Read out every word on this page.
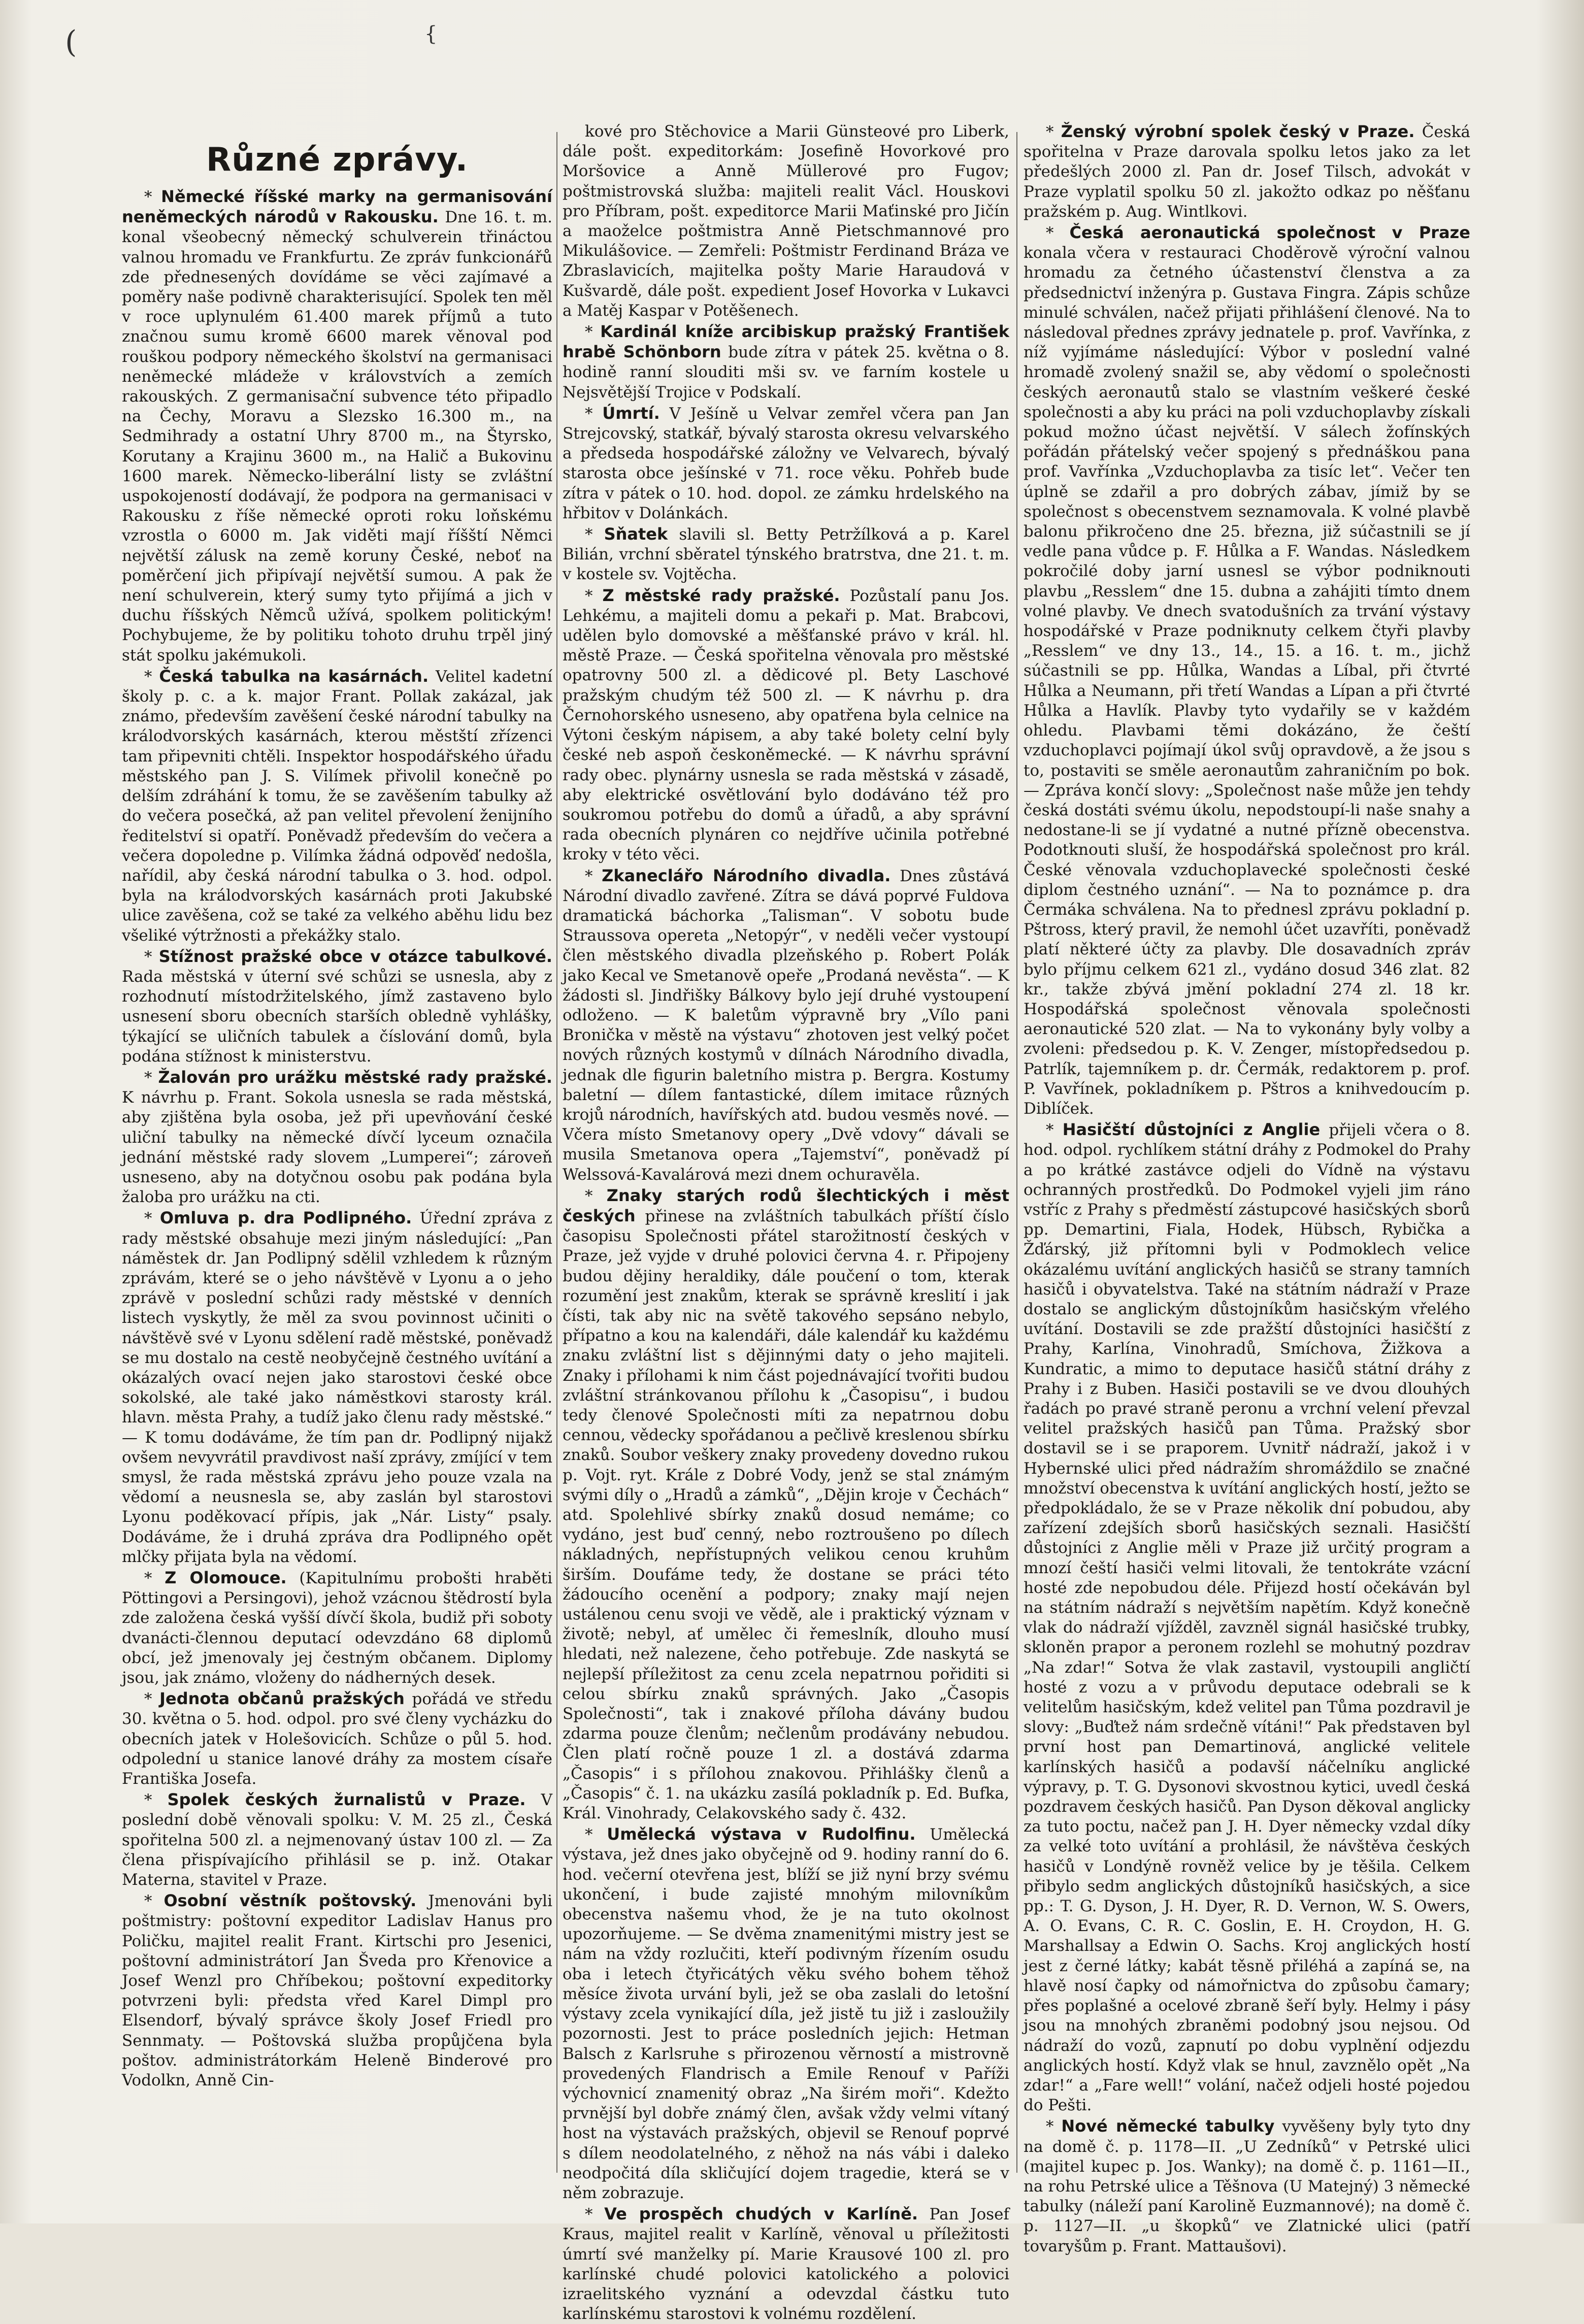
(	{
Různé zprávy.

* Německé říšské marky na germanisování neněmeckých národů v Rakousku. Dne 16. t. m. konal všeobecný německý schulverein třináctou valnou hromadu ve Frankfurtu. Ze zpráv funkcionářů zde přednesených dovídáme se věci zajímavé a poměry naše podivně charakterisující. Spolek ten měl v roce uplynulém 61.400 marek příjmů a tuto značnou sumu kromě 6600 marek věnoval pod rouškou podpory německého školství na germanisaci neněmecké mládeže v královstvích a zemích rakouských. Z germanisační subvence této připadlo na Čechy, Moravu a Slezsko 16.300 m., na Sedmihrady a ostatní Uhry 8700 m., na Štyrsko, Korutany a Krajinu 3600 m., na Halič a Bukovinu 1600 marek. Německo-liberální listy se zvláštní uspokojeností dodávají, že podpora na germanisaci v Rakousku z říše německé oproti roku loňskému vzrostla o 6000 m. Jak viděti mají říšští Němci největší zálusk na země koruny České, neboť na poměrčení jich připívají největší sumou. A pak že není schulverein, který sumy tyto přijímá a jich v duchu říšských Němců užívá, spolkem politickým! Pochybujeme, že by politiku tohoto druhu trpěl jiný stát spolku jakémukoli.

* Česká tabulka na kasárnách. Velitel kadetní školy p. c. a k. major Frant. Pollak zakázal, jak známo, především zavěšení české národní tabulky na králodvorských kasárnách, kterou městští zřízenci tam připevniti chtěli. Inspektor hospodářského úřadu městského pan J. S. Vilímek přivolil konečně po delším zdráhání k tomu, že se zavěšením tabulky až do večera posečká, až pan velitel převolení ženijního ředitelství si opatří. Poněvadž především do večera a večera dopoledne p. Vilímka žádná odpověď nedošla, nařídil, aby česká národní tabulka o 3. hod. odpol. byla na králodvorských kasárnách proti Jakubské ulice zavěšena, což se také za velkého aběhu lidu bez všeliké výtržnosti a překážky stalo.

* Stížnost pražské obce v otázce tabulkové. Rada městská v úterní své schůzi se usnesla, aby z rozhodnutí místodržitelského, jímž zastaveno bylo usnesení sboru obecních starších obledně vyhlášky, týkající se uličních tabulek a číslování domů, byla podána stížnost k ministerstvu.

* Žalován pro urážku městské rady pražské. K návrhu p. Frant. Sokola usnesla se rada městská, aby zjištěna byla osoba, jež při upevňování české uliční tabulky na německé dívčí lyceum označila jednání městské rady slovem „Lumperei“; zároveň usneseno, aby na dotyčnou osobu pak podána byla žaloba pro urážku na cti.

* Omluva p. dra Podlipného. Úřední zpráva z rady městské obsahuje mezi jiným následující: „Pan náměstek dr. Jan Podlipný sdělil vzhledem k různým zprávám, které se o jeho návštěvě v Lyonu a o jeho zprávě v poslední schůzi rady městské v denních listech vyskytly, že měl za svou povinnost učiniti o návštěvě své v Lyonu sdělení radě městské, poněvadž se mu dostalo na cestě neobyčejně čestného uvítání a okázalých ovací nejen jako starostovi české obce sokolské, ale také jako náměstkovi starosty král. hlavn. města Prahy, a tudíž jako členu rady městské.“ — K tomu dodáváme, že tím pan dr. Podlipný nijakž ovšem nevyvrátil pravdivost naší zprávy, zmíjící v tem smysl, že rada městská zprávu jeho pouze vzala na vědomí a neusnesla se, aby zaslán byl starostovi Lyonu poděkovací přípis, jak „Nár. Listy“ psaly. Dodáváme, že i druhá zpráva dra Podlipného opět mlčky přijata byla na vědomí.

* Z Olomouce. (Kapitulnímu probošti hraběti Pöttingovi a Persingovi), jehož vzácnou štědrostí byla zde založena česká vyšší dívčí škola, budiž při soboty dvanácti-člennou deputací odevzdáno 68 diplomů obcí, jež jmenovaly jej čestným občanem. Diplomy jsou, jak známo, vloženy do nádherných desek.

* Jednota občanů pražských pořádá ve středu 30. května o 5. hod. odpol. pro své členy vycházku do obecních jatek v Holešovicích. Schůze o půl 5. hod. odpolední u stanice lanové dráhy za mostem císaře Františka Josefa.

* Spolek českých žurnalistů v Praze. V poslední době věnovali spolku: V. M. 25 zl., Česká spořitelna 500 zl. a nejmenovaný ústav 100 zl. — Za člena přispívajícího přihlásil se p. inž. Otakar Materna, stavitel v Praze.

* Osobní věstník poštovský. Jmenováni byli poštmistry: poštovní expeditor Ladislav Hanus pro Poličku, majitel realit Frant. Kirtschi pro Jesenici, poštovní administrátorí Jan Šveda pro Křenovice a Josef Wenzl pro Chříbekou; poštovní expeditorky potvrzeni byli: předsta vřed Karel Dimpl pro Elsendorf, bývalý správce školy Josef Friedl pro Sennmaty. — Poštovská služba propůjčena byla poštov. administrátorkám Heleně Binderové pro Vodolkn, Anně Cin-

kové pro Stěchovice a Marii Günsteové pro Liberk, dále pošt. expeditorkám: Josefině Hovorkové pro Moršovice a Anně Müllerové pro Fugov; poštmistrovská služba: majiteli realit Václ. Houskovi pro Příbram, pošt. expeditorce Marii Maťinské pro Jičín a maoželce poštmistra Anně Pietschmannové pro Mikulášovice. — Zemřeli: Poštmistr Ferdinand Bráza ve Zbraslavicích, majitelka pošty Marie Haraudová v Kušvardě, dále pošt. expedient Josef Hovorka v Lukavci a Matěj Kaspar v Potěšenech.

* Kardinál kníže arcibiskup pražský František hrabě Schönborn bude zítra v pátek 25. května o 8. hodině ranní slouditi mši sv. ve farním kostele u Nejsvětější Trojice v Podskalí.

* Úmrtí. V Ješíně u Velvar zemřel včera pan Jan Strejcovský, statkář, bývalý starosta okresu velvarského a předseda hospodářské záložny ve Velvarech, bývalý starosta obce ješínské v 71. roce věku. Pohřeb bude zítra v pátek o 10. hod. dopol. ze zámku hrdelského na hřbitov v Dolánkách.

* Sňatek slavili sl. Betty Petržílková a p. Karel Bilián, vrchní sběratel týnského bratrstva, dne 21. t. m. v kostele sv. Vojtěcha.

* Z městské rady pražské. Pozůstalí panu Jos. Lehkému, a majiteli domu a pekaři p. Mat. Brabcovi, udělen bylo domovské a měšťanské právo v král. hl. městě Praze. — Česká spořitelna věnovala pro městské opatrovny 500 zl. a dědicové pl. Bety Laschové pražským chudým též 500 zl. — K návrhu p. dra Černohorského usneseno, aby opatřena byla celnice na Výtoni českým nápisem, a aby také bolety celní byly české neb aspoň českoněmecké. — K návrhu správní rady obec. plynárny usnesla se rada městská v zásadě, aby elektrické osvětlování bylo dodáváno též pro soukromou potřebu do domů a úřadů, a aby správní rada obecních plynáren co nejdříve učinila potřebné kroky v této věci.

* Zkaneclářo Národního divadla. Dnes zůstává Národní divadlo zavřené. Zítra se dává poprvé Fuldova dramatická báchorka „Talisman“. V sobotu bude Straussova opereta „Netopýr“, v neděli večer vystoupí člen městského divadla plzeňského p. Robert Polák jako Kecal ve Smetanově opeře „Prodaná nevěsta“. — K žádosti sl. Jindřišky Bálkovy bylo její druhé vystoupení odloženo. — K baletům výpravně bry „Vílo pani Bronička v městě na výstavu“ zhotoven jest velký počet nových různých kostymů v dílnách Národního divadla, jednak dle figurin baletního mistra p. Bergra. Kostumy baletní — dílem fantastické, dílem imitace různých krojů národních, havířských atd. budou vesměs nové. — Včera místo Smetanovy opery „Dvě vdovy“ dávali se musila Smetanova opera „Tajemství“, poněvadž pí Welssová-Kavalárová mezi dnem ochuravěla.

* Znaky starých rodů šlechtických i měst českých přinese na zvláštních tabulkách příští číslo časopisu Společnosti přátel starožitností českých v Praze, jež vyjde v druhé polovici června 4. r. Připojeny budou dějiny heraldiky, dále poučení o tom, kterak rozumění jest znakům, kterak se správně kreslití i jak čísti, tak aby nic na světě takového sepsáno nebylo, přípatno a kou na kalendáři, dále kalendář ku každému znaku zvláštní list s dějinnými daty o jeho majiteli. Znaky i přílohami k nim část pojednávající tvořiti budou zvláštní stránkovanou přílohu k „Časopisu“, i budou tedy členové Společnosti míti za nepatrnou dobu cennou, vědecky spořádanou a pečlivě kreslenou sbírku znaků. Soubor veškery znaky provedeny dovedno rukou p. Vojt. ryt. Krále z Dobré Vody, jenž se stal známým svými díly o „Hradů a zámků“, „Dějin kroje v Čechách“ atd. Spolehlivé sbírky znaků dosud nemáme; co vydáno, jest buď cenný, nebo roztroušeno po dílech nákladných, nepřístupných velikou cenou kruhům širším. Doufáme tedy, že dostane se práci této žádoucího ocenění a podpory; znaky mají nejen ustálenou cenu svoji ve vědě, ale i praktický význam v životě; nebyl, ať umělec či řemeslník, dlouho musí hledati, než nalezene, čeho potřebuje. Zde naskytá se nejlepší příležitost za cenu zcela nepatrnou pořiditi si celou sbírku znaků správných. Jako „Časopis Společnosti“, tak i znakové příloha dávány budou zdarma pouze členům; nečlenům prodávány nebudou. Člen platí ročně pouze 1 zl. a dostává zdarma „Časopis“ i s přílohou znakovou. Přihlášky členů a „Časopis“ č. 1. na ukázku zasílá pokladník p. Ed. Bufka, Král. Vinohrady, Celakovského sady č. 432.

* Umělecká výstava v Rudolfinu. Umělecká výstava, jež dnes jako obyčejně od 9. hodiny ranní do 6. hod. večerní otevřena jest, blíží se již nyní brzy svému ukončení, i bude zajisté mnohým milovníkům obecenstva našemu vhod, že je na tuto okolnost upozorňujeme. — Se dvěma znamenitými mistry jest se nám na vždy rozlučiti, kteří podivným řízením osudu oba i letech čtyřicátých věku svého bohem těhož měsíce života urvání byli, jež se oba zaslali do letošní výstavy zcela vynikající díla, jež jistě tu již i zasloužily pozornosti. Jest to práce posledních jejich: Hetman Balsch z Karlsruhe s přirozenou věrností a mistrovně provedených Flandrisch a Emile Renouf v Paříži výchovnicí znamenitý obraz „Na širém moři“. Kdežto prvnější byl dobře známý člen, avšak vždy velmi vítaný host na výstavách pražských, objevil se Renouf poprvé s dílem neodolatelného, z něhož na nás vábi i daleko neodpočitá díla skličující dojem tragedie, která se v něm zobrazuje.

* Ve prospěch chudých v Karlíně. Pan Josef Kraus, majitel realit v Karlíně, věnoval u příležitosti úmrtí své manželky pí. Marie Krausové 100 zl. pro karlínské chudé polovici katolického a polovici izraelitského vyznání a odevzdal částku tuto karlínskému starostovi k volnému rozdělení.

* Ženský výrobní spolek český v Praze. Česká spořitelna v Praze darovala spolku letos jako za let předešlých 2000 zl. Pan dr. Josef Tilsch, advokát v Praze vyplatil spolku 50 zl. jakožto odkaz po něšťanu pražském p. Aug. Wintlkovi.

* Česká aeronautická společnost v Praze konala včera v restauraci Choděrově výroční valnou hromadu za četného účastenství členstva a za předsednictví inženýra p. Gustava Fingra. Zápis schůze minulé schválen, načež přijati přihlášení členové. Na to následoval přednes zprávy jednatele p. prof. Vavřínka, z níž vyjímáme následující: Výbor v poslední valné hromadě zvolený snažil se, aby vědomí o společnosti českých aeronautů stalo se vlastním veškeré české společnosti a aby ku práci na poli vzduchoplavby získali pokud možno účast největší. V sálech žofínských pořádán přátelský večer spojený s přednáškou pana prof. Vavřínka „Vzduchoplavba za tisíc let“. Večer ten úplně se zdařil a pro dobrých zábav, jímiž by se společnost s obecenstvem seznamovala. K volné plavbě balonu přikročeno dne 25. března, již súčastnili se jí vedle pana vůdce p. F. Hůlka a F. Wandas. Následkem pokročilé doby jarní usnesl se výbor podniknouti plavbu „Resslem“ dne 15. dubna a zahájiti tímto dnem volné plavby. Ve dnech svatodušních za trvání výstavy hospodářské v Praze podniknuty celkem čtyři plavby „Resslem“ ve dny 13., 14., 15. a 16. t. m., jichž súčastnili se pp. Hůlka, Wandas a Líbal, při čtvrté Hůlka a Neumann, při třetí Wandas a Lípan a při čtvrté Hůlka a Havlík. Plavby tyto vydařily se v každém ohledu. Plavbami těmi dokázáno, že čeští vzduchoplavci pojímají úkol svůj opravdově, a že jsou s to, postaviti se směle aeronautům zahraničním po bok. — Zpráva končí slovy: „Společnost naše může jen tehdy česká dostáti svému úkolu, nepodstoupí-li naše snahy a nedostane-li se jí vydatné a nutné přízně obecenstva. Podotknouti sluší, že hospodářská společnost pro král. České věnovala vzduchoplavecké společnosti české diplom čestného uznání“. — Na to poznámce p. dra Čermáka schválena. Na to přednesl zprávu pokladní p. Pštross, který pravil, že nemohl účet uzavříti, poněvadž platí některé účty za plavby. Dle dosavadních zpráv bylo příjmu celkem 621 zl., vydáno dosud 346 zlat. 82 kr., takže zbývá jmění pokladní 274 zl. 18 kr. Hospodářská společnost věnovala společnosti aeronautické 520 zlat. — Na to vykonány byly volby a zvoleni: předsedou p. K. V. Zenger, místopředsedou p. Patrlík, tajemníkem p. dr. Čermák, redaktorem p. prof. P. Vavřínek, pokladníkem p. Pštros a knihvedoucím p. Diblíček.

* Hasičští důstojníci z Anglie přijeli včera o 8. hod. odpol. rychlíkem státní dráhy z Podmokel do Prahy a po krátké zastávce odjeli do Vídně na výstavu ochranných prostředků. Do Podmokel vyjeli jim ráno vstříc z Prahy s předměstí zástupcové hasičských sborů pp. Demartini, Fiala, Hodek, Hübsch, Rybička a Žďárský, již přítomni byli v Podmoklech velice okázalému uvítání anglických hasičů se strany tamních hasičů i obyvatelstva. Také na státním nádraží v Praze dostalo se anglickým důstojníkům hasičským vřelého uvítání. Dostavili se zde pražští důstojníci hasičští z Prahy, Karlína, Vinohradů, Smíchova, Žižkova a Kundratic, a mimo to deputace hasičů státní dráhy z Prahy i z Buben. Hasiči postavili se ve dvou dlouhých řadách po pravé straně peronu a vrchní velení převzal velitel pražských hasičů pan Tůma. Pražský sbor dostavil se i se praporem. Uvnitř nádraží, jakož i v Hybernské ulici před nádražím shromáždilo se značné množství obecenstva k uvítání anglických hostí, ježto se předpokládalo, že se v Praze několik dní pobudou, aby zařízení zdejších sborů hasičských seznali. Hasičští důstojníci z Anglie měli v Praze již určitý program a mnozí čeští hasiči velmi litovali, že tentokráte vzácní hosté zde nepobudou déle. Přijezd hostí očekáván byl na státním nádraží s největším napětím. Když konečně vlak do nádraží vjížděl, zavzněl signál hasičské trubky, skloněn prapor a peronem rozlehl se mohutný pozdrav „Na zdar!“ Sotva že vlak zastavil, vystoupili angličtí hosté z vozu a v průvodu deputace odebrali se k velitelům hasičským, kdež velitel pan Tůma pozdravil je slovy: „Buďtež nám srdečně vítáni!“ Pak představen byl první host pan Demartinová, anglické velitele karlínských hasičů a podavší náčelníku anglické výpravy, p. T. G. Dysonovi skvostnou kytici, uvedl česká pozdravem českých hasičů. Pan Dyson děkoval anglicky za tuto poctu, načež pan J. H. Dyer německy vzdal díky za velké toto uvítání a prohlásil, že návštěva českých hasičů v Londýně rovněž velice by je těšila. Celkem přibylo sedm anglických důstojníků hasičských, a sice pp.: T. G. Dyson, J. H. Dyer, R. D. Vernon, W. S. Owers, A. O. Evans, C. R. C. Goslin, E. H. Croydon, H. G. Marshallsay a Edwin O. Sachs. Kroj anglických hostí jest z černé látky; kabát těsně přiléhá a zapíná se, na hlavě nosí čapky od námořnictva do způsobu čamary; přes poplašné a ocelové zbraně šeří byly. Helmy i pásy jsou na mnohých zbraněmi podobný jsou nejsou. Od nádraží do vozů, zapnutí po dobu vyplnění odjezdu anglických hostí. Když vlak se hnul, zavznělo opět „Na zdar!“ a „Fare well!“ volání, načež odjeli hosté pojedou do Pešti.

* Nové německé tabulky vyvěšeny byly tyto dny na domě č. p. 1178—II. „U Zedníků“ v Petrské ulici (majitel kupec p. Jos. Wanky); na domě č. p. 1161—II., na rohu Petrské ulice a Těšnova (U Matejný) 3 německé tabulky (náleží paní Karolině Euzmannové); na domě č. p. 1127—II. „u škopků“ ve Zlatnické ulici (patří tovaryšům p. Frant. Mattaušovi).
